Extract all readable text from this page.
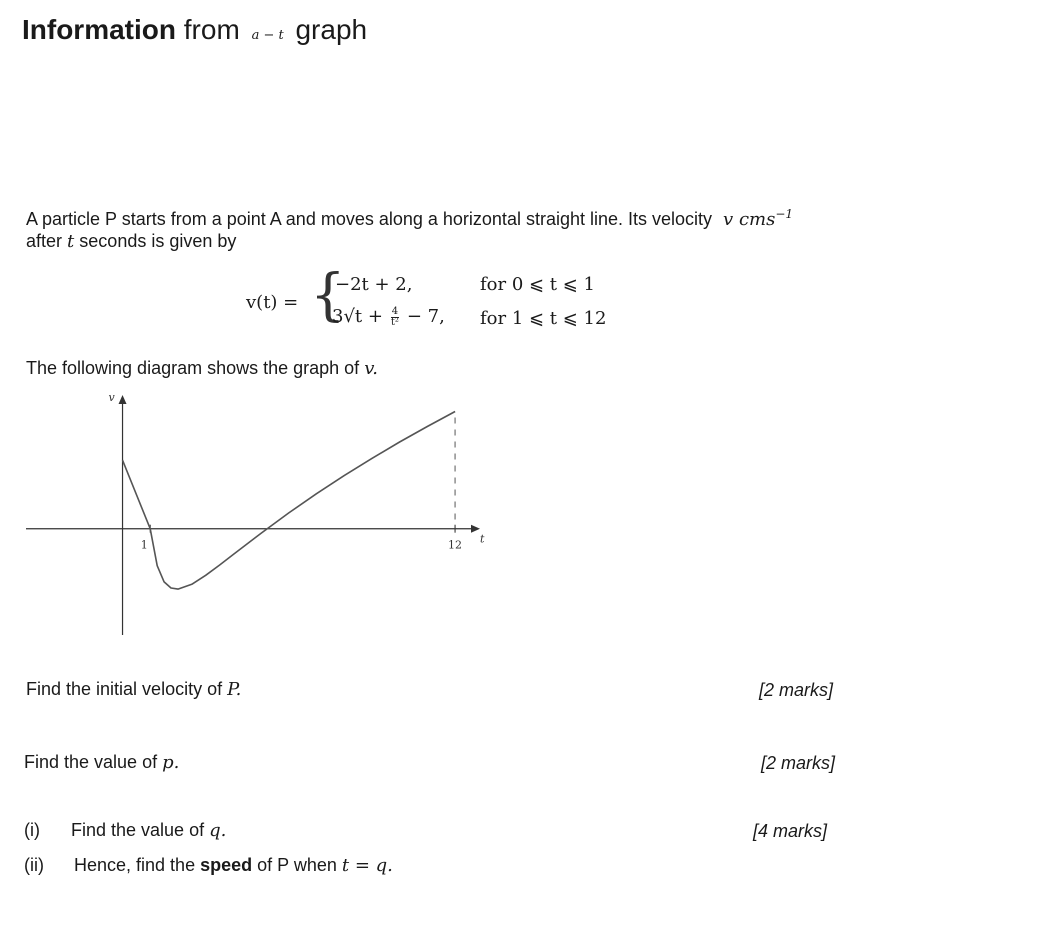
Information from a − t graph
A particle P starts from a point A and moves along a horizontal straight line. Its velocity v cms$^{-1}$
after t seconds is given by
v(t) = {
−2t + 2,	for 0 ⩽ t ⩽ 1
$3√t + \frac{4}{\text{t²}} - 7$, for 1 ⩽ t ⩽ 12
The following diagram shows the graph of v.
v
t
1	12
Find the initial velocity of P.	[2 marks]
Find the value of p.	[2 marks]
(i) Find the value of q.	[4 marks]
(ii) Hence, find the speed of P when t = q.
